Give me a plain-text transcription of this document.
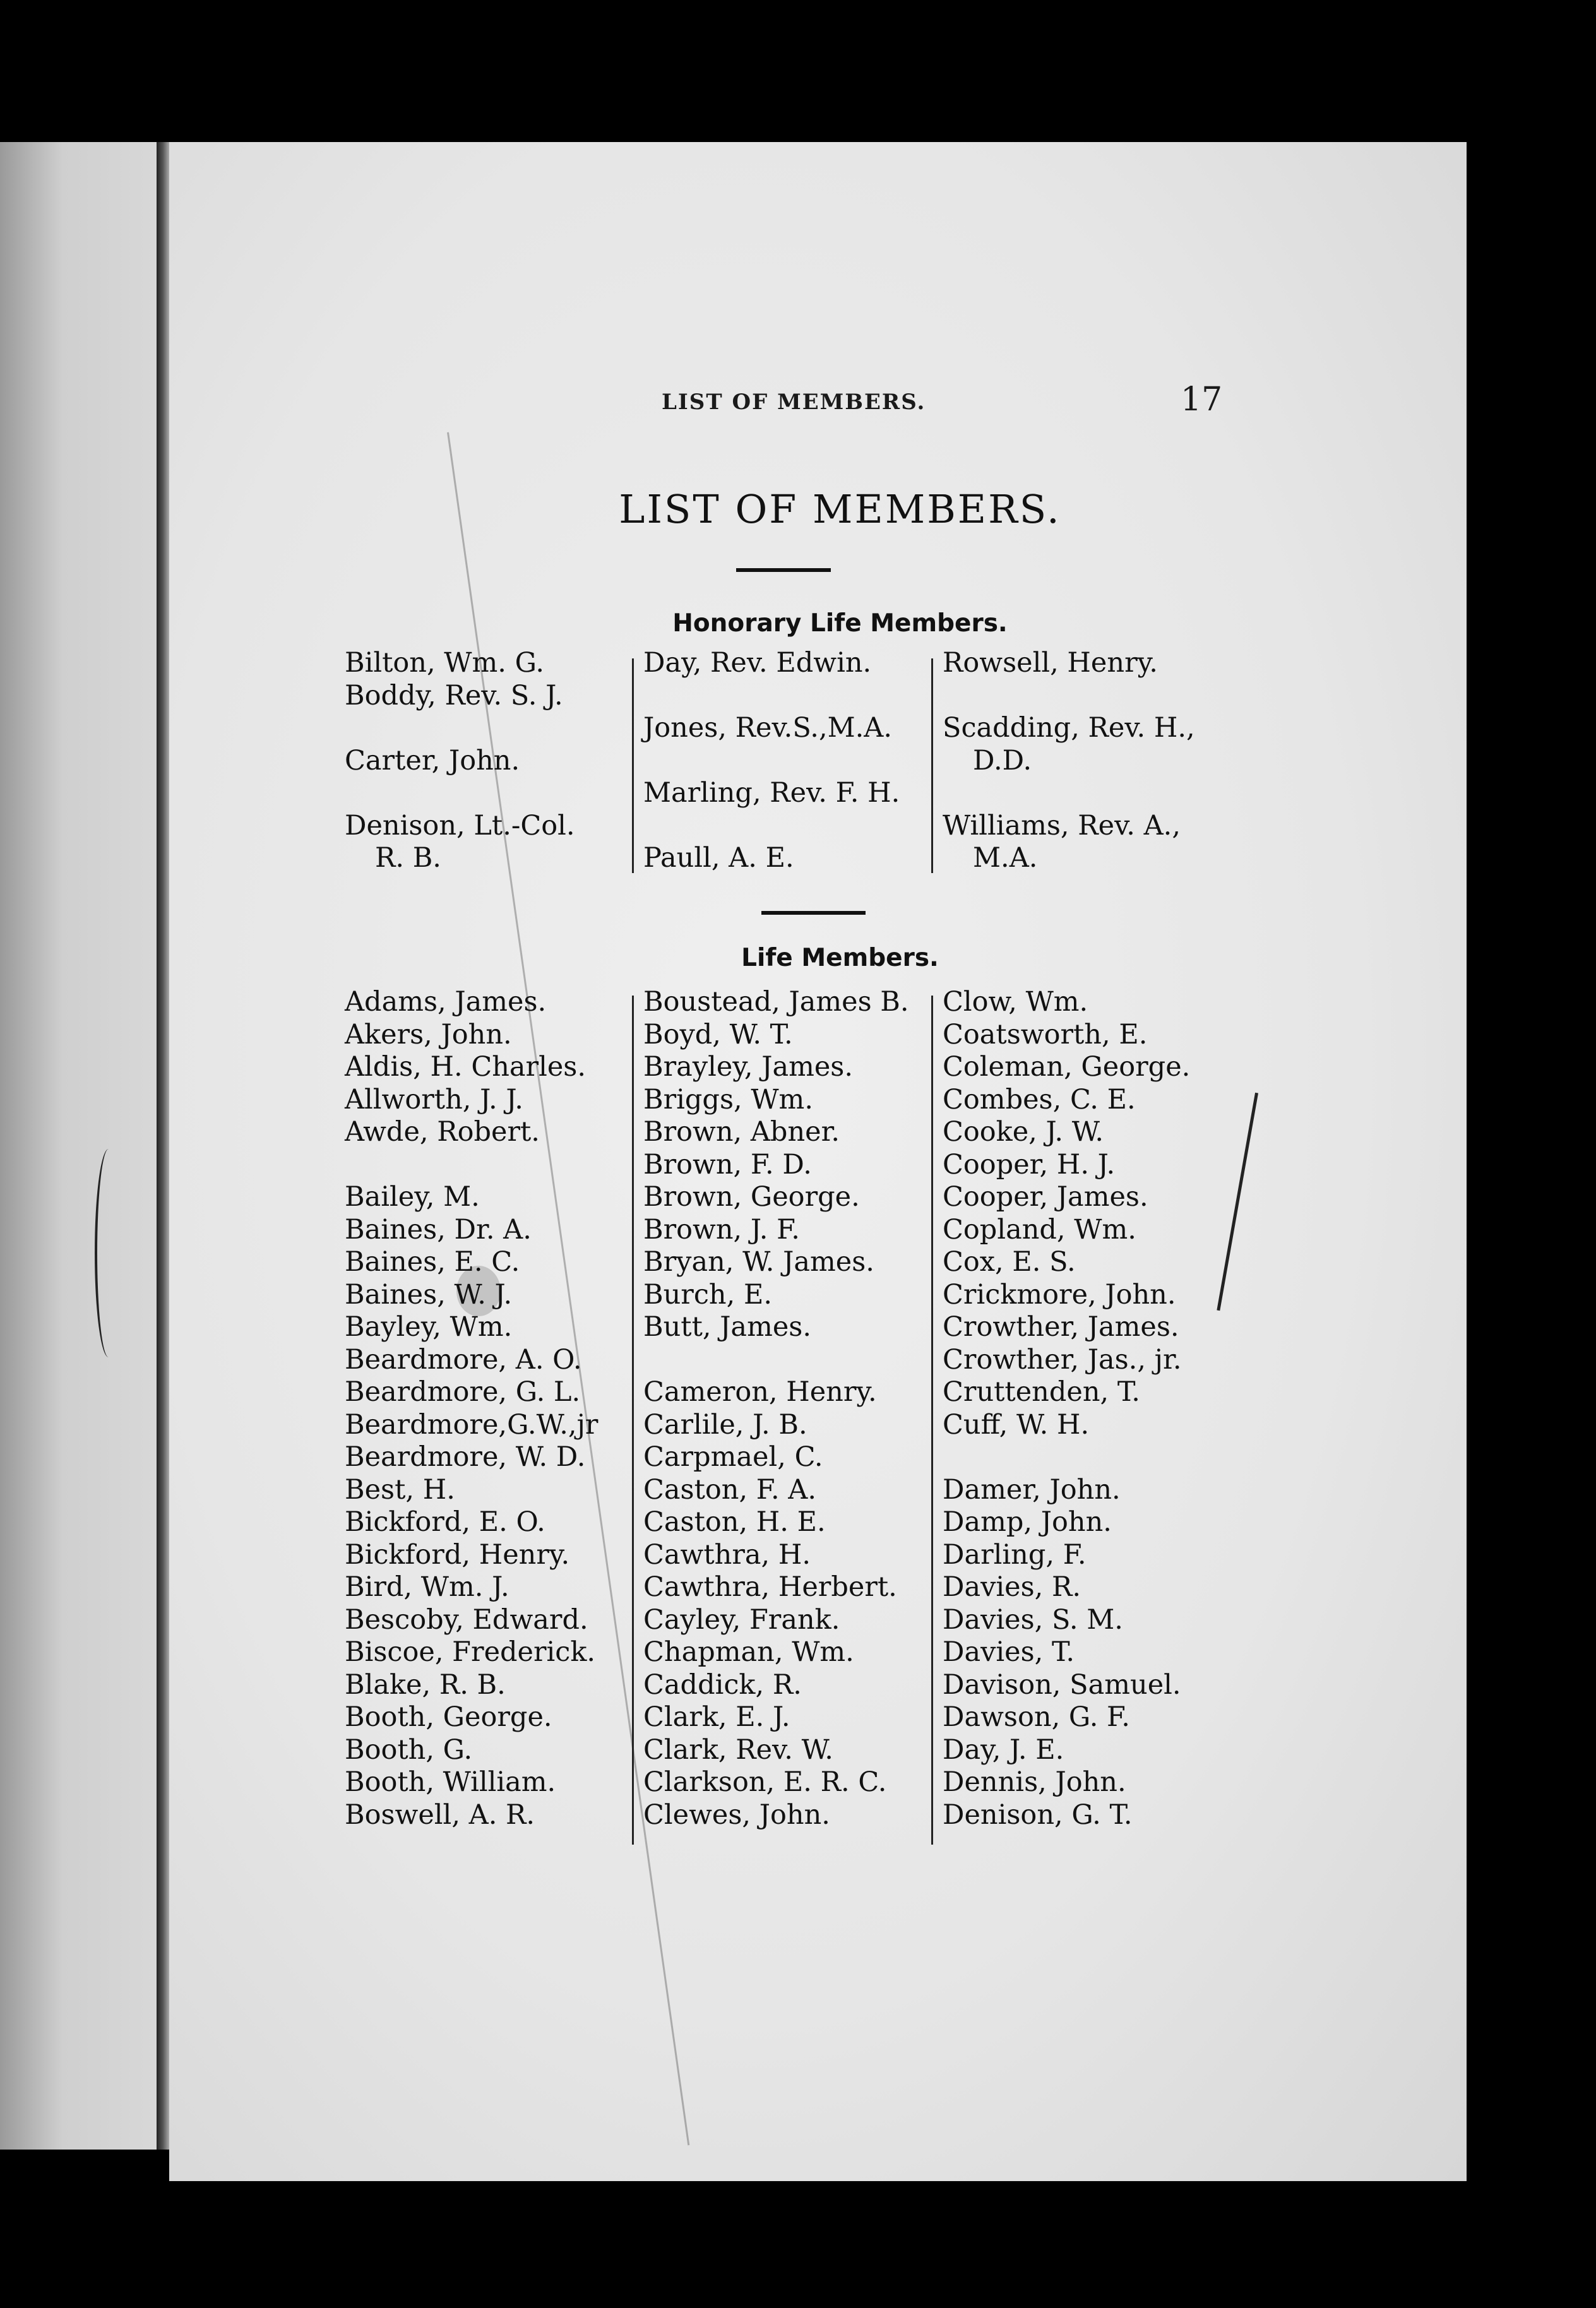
LIST OF MEMBERS.	17
LIST OF MEMBERS.
Honorary Life Members.
Bilton, Wm. G.
Boddy, Rev. S. J.
Carter, John.
Denison, Lt.-Col.
R. B.
Day, Rev. Edwin.
Jones, Rev.S.,M.A.
Marling, Rev. F. H.
Paull, A. E.
Rowsell, Henry.
Scadding, Rev. H.,
D.D.
Williams, Rev. A.,
M.A.
Life Members.
Adams, James.
Akers, John.
Aldis, H. Charles.
Allworth, J. J.
Awde, Robert.
Bailey, M.
Baines, Dr. A.
Baines, E. C.
Baines, W. J.
Bayley, Wm.
Beardmore, A. O.
Beardmore, G. L.
Beardmore,G.W.,jr
Beardmore, W. D.
Best, H.
Bickford, E. O.
Bickford, Henry.
Bird, Wm. J.
Bescoby, Edward.
Biscoe, Frederick.
Blake, R. B.
Booth, George.
Booth, G.
Booth, William.
Boswell, A. R.
Boustead, James B.
Boyd, W. T.
Brayley, James.
Briggs, Wm.
Brown, Abner.
Brown, F. D.
Brown, George.
Brown, J. F.
Bryan, W. James.
Burch, E.
Butt, James.
Cameron, Henry.
Carlile, J. B.
Carpmael, C.
Caston, F. A.
Caston, H. E.
Cawthra, H.
Cawthra, Herbert.
Cayley, Frank.
Chapman, Wm.
Caddick, R.
Clark, E. J.
Clark, Rev. W.
Clarkson, E. R. C.
Clewes, John.
Clow, Wm.
Coatsworth, E.
Coleman, George.
Combes, C. E.
Cooke, J. W.
Cooper, H. J.
Cooper, James.
Copland, Wm.
Cox, E. S.
Crickmore, John.
Crowther, James.
Crowther, Jas., jr.
Cruttenden, T.
Cuff, W. H.
Damer, John.
Damp, John.
Darling, F.
Davies, R.
Davies, S. M.
Davies, T.
Davison, Samuel.
Dawson, G. F.
Day, J. E.
Dennis, John.
Denison, G. T.
